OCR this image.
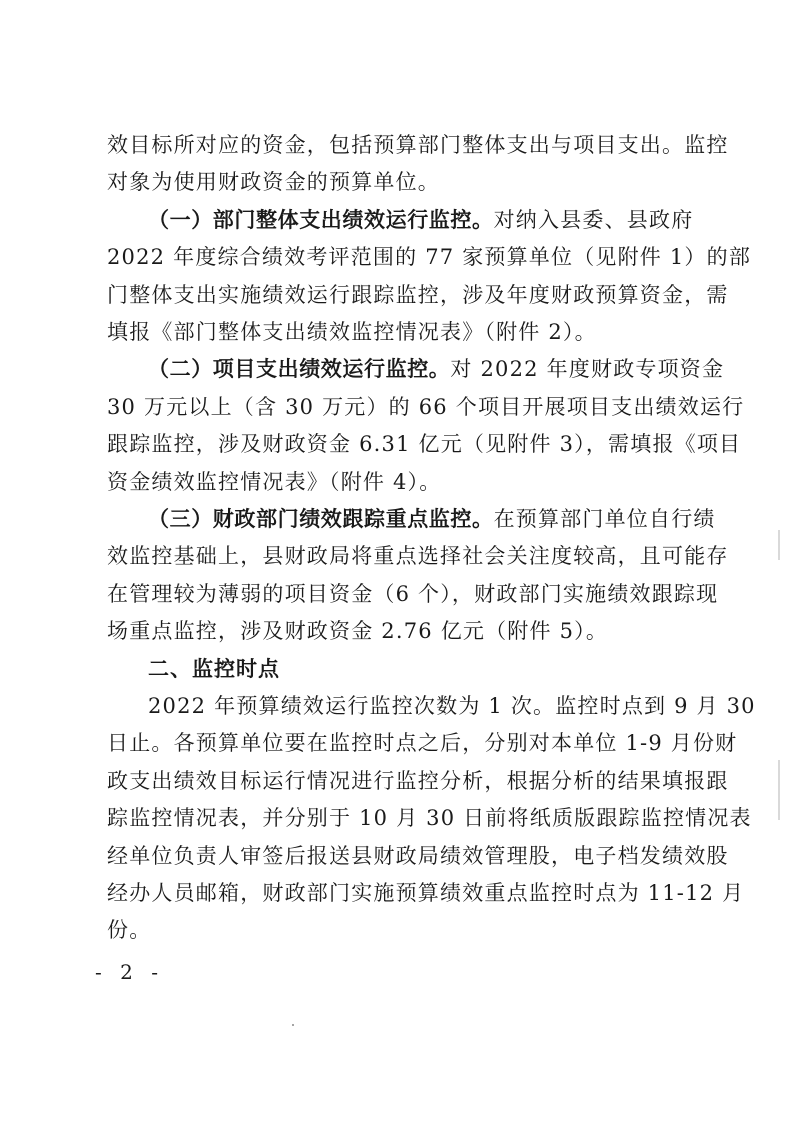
效目标所对应的资金，包括预算部门整体支出与项目支出。监控
对象为使用财政资金的预算单位。
（一）部门整体支出绩效运行监控。对纳入县委、县政府
2022 年度综合绩效考评范围的 77 家预算单位（见附件 1）的部
门整体支出实施绩效运行跟踪监控，涉及年度财政预算资金，需
填报《部门整体支出绩效监控情况表》（附件 2）。
（二）项目支出绩效运行监控。对 2022 年度财政专项资金
30 万元以上（含 30 万元）的 66 个项目开展项目支出绩效运行
跟踪监控，涉及财政资金 6.31 亿元（见附件 3），需填报《项目
资金绩效监控情况表》（附件 4）。
（三）财政部门绩效跟踪重点监控。在预算部门单位自行绩
效监控基础上，县财政局将重点选择社会关注度较高，且可能存
在管理较为薄弱的项目资金（6 个），财政部门实施绩效跟踪现
场重点监控，涉及财政资金 2.76 亿元（附件 5）。
二、监控时点
- 2 -
2022 年预算绩效运行监控次数为 1 次。监控时点到 9 月 30
日止。各预算单位要在监控时点之后，分别对本单位 1-9 月份财
政支出绩效目标运行情况进行监控分析，根据分析的结果填报跟
踪监控情况表，并分别于 10 月 30 日前将纸质版跟踪监控情况表
经单位负责人审签后报送县财政局绩效管理股，电子档发绩效股
经办人员邮箱，财政部门实施预算绩效重点监控时点为 11-12 月
份。
